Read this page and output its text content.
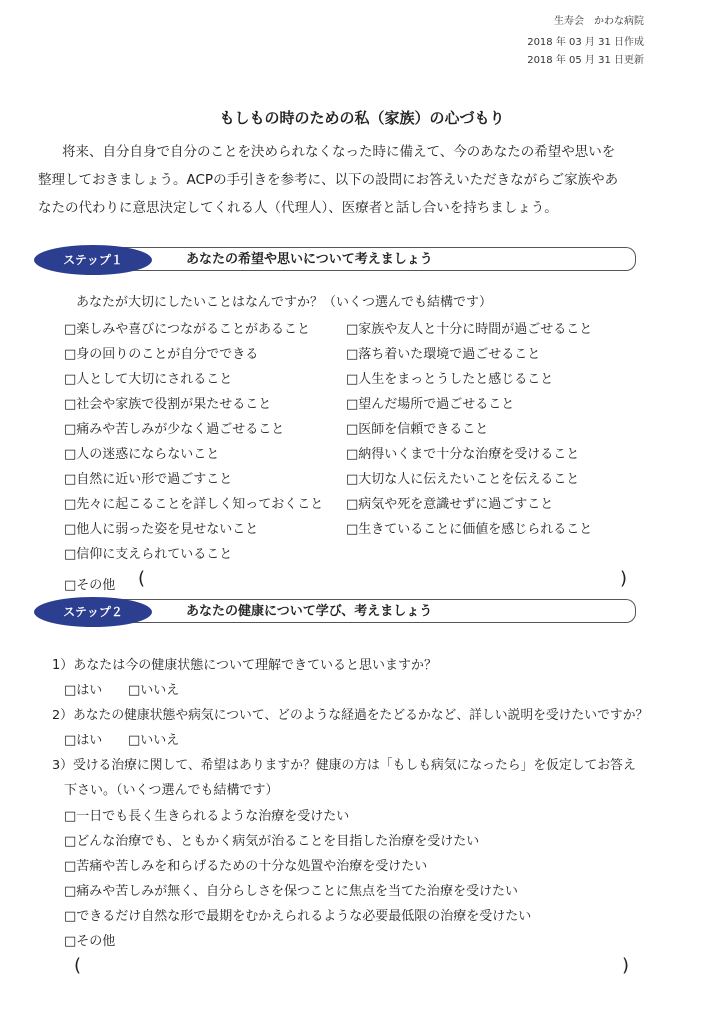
生寿会　かわな病院
2018 年 03 月 31 日作成
2018 年 05 月 31 日更新
もしもの時のための私（家族）の心づもり
将来、自分自身で自分のことを決められなくなった時に備えて、今のあなたの希望や思いを
整理しておきましょう。ACPの手引きを参考に、以下の設問にお答えいただきながらご家族やあ
なたの代わりに意思決定してくれる人（代理人）、医療者と話し合いを持ちましょう。
ステップ１	あなたの希望や思いについて考えましょう
あなたが大切にしたいことはなんですか？（いくつ選んでも結構です）
□楽しみや喜びにつながることがあること
□身の回りのことが自分でできる
□人として大切にされること
□社会や家族で役割が果たせること
□痛みや苦しみが少なく過ごせること
□人の迷惑にならないこと
□自然に近い形で過ごすこと
□先々に起こることを詳しく知っておくこと
□他人に弱った姿を見せないこと
□信仰に支えられていること
□家族や友人と十分に時間が過ごせること
□落ち着いた環境で過ごせること
□人生をまっとうしたと感じること
□望んだ場所で過ごせること
□医師を信頼できること
□納得いくまで十分な治療を受けること
□大切な人に伝えたいことを伝えること
□病気や死を意識せずに過ごすこと
□生きていることに価値を感じられること
□その他 (	)
ステップ２	あなたの健康について学び、考えましょう
1）あなたは今の健康状態について理解できていると思いますか？
□はい □いいえ
2）あなたの健康状態や病気について、どのような経過をたどるかなど、詳しい説明を受けたいですか？
□はい □いいえ
3）受ける治療に関して、希望はありますか？健康の方は「もしも病気になったら」を仮定してお答え
下さい。（いくつ選んでも結構です）
□一日でも長く生きられるような治療を受けたい
□どんな治療でも、ともかく病気が治ることを目指した治療を受けたい
□苦痛や苦しみを和らげるための十分な処置や治療を受けたい
□痛みや苦しみが無く、自分らしさを保つことに焦点を当てた治療を受けたい
□できるだけ自然な形で最期をむかえられるような必要最低限の治療を受けたい
□その他
(	)
